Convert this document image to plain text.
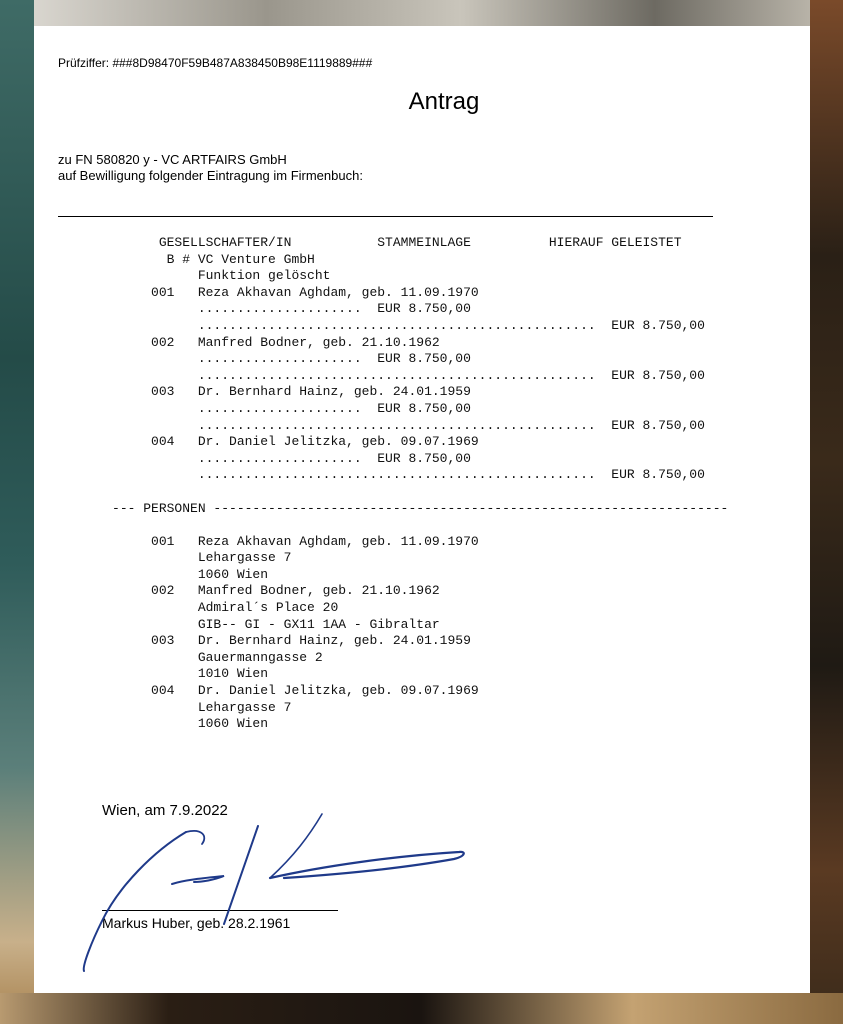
Prüfziffer: ###8D98470F59B487A838450B98E1119889###
Antrag
zu FN 580820 y - VC ARTFAIRS GmbH
auf Bewilligung folgender Eintragung im Firmenbuch:
GESELLSCHAFTER/IN           STAMMEINLAGE          HIERAUF GELEISTET
B # VC Venture GmbH
Funktion gelöscht
001   Reza Akhavan Aghdam, geb. 11.09.1970
.....................  EUR 8.750,00
...................................................  EUR 8.750,00
002   Manfred Bodner, geb. 21.10.1962
.....................  EUR 8.750,00
...................................................  EUR 8.750,00
003   Dr. Bernhard Hainz, geb. 24.01.1959
.....................  EUR 8.750,00
...................................................  EUR 8.750,00
004   Dr. Daniel Jelitzka, geb. 09.07.1969
.....................  EUR 8.750,00
...................................................  EUR 8.750,00

--- PERSONEN ------------------------------------------------------------------

001   Reza Akhavan Aghdam, geb. 11.09.1970
Lehargasse 7
1060 Wien
002   Manfred Bodner, geb. 21.10.1962
Admiral´s Place 20
GIB-- GI - GX11 1AA - Gibraltar
003   Dr. Bernhard Hainz, geb. 24.01.1959
Gauermanngasse 2
1010 Wien
004   Dr. Daniel Jelitzka, geb. 09.07.1969
Lehargasse 7
1060 Wien
Wien, am 7.9.2022
Markus Huber, geb. 28.2.1961
